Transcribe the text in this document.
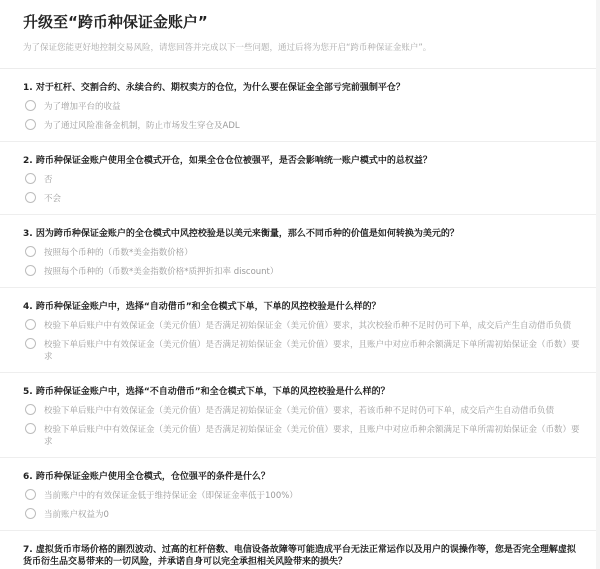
升级至“跨币种保证金账户”
为了保证您能更好地控制交易风险，请您回答并完成以下一些问题，通过后将为您开启“跨币种保证金账户”。
1. 对于杠杆、交割合约、永续合约、期权卖方的仓位，为什么要在保证金全部亏完前强制平仓？
为了增加平台的收益
为了通过风险准备金机制，防止市场发生穿仓及ADL
2. 跨币种保证金账户使用全仓模式开仓，如果全仓仓位被强平，是否会影响统一账户模式中的总权益？
否
不会
3. 因为跨币种保证金账户的全仓模式中风控校验是以美元来衡量，那么不同币种的价值是如何转换为美元的？
按照每个币种的（币数*美金指数价格）
按照每个币种的（币数*美金指数价格*质押折扣率 discount）
4. 跨币种保证金账户中，选择“自动借币”和全仓模式下单，下单的风控校验是什么样的？
校验下单后账户中有效保证金（美元价值）是否满足初始保证金（美元价值）要求，其次校验币种不足时仍可下单，成交后产生自动借币负债
校验下单后账户中有效保证金（美元价值）是否满足初始保证金（美元价值）要求，且账户中对应币种余额满足下单所需初始保证金（币数）要求
5. 跨币种保证金账户中，选择“不自动借币”和全仓模式下单，下单的风控校验是什么样的？
校验下单后账户中有效保证金（美元价值）是否满足初始保证金（美元价值）要求，若该币种不足时仍可下单，成交后产生自动借币负债
校验下单后账户中有效保证金（美元价值）是否满足初始保证金（美元价值）要求，且账户中对应币种余额满足下单所需初始保证金（币数）要求
6. 跨币种保证金账户使用全仓模式，仓位强平的条件是什么？
当前账户中的有效保证金低于维持保证金（即保证金率低于100%）
当前账户权益为0
7. 虚拟货币市场价格的剧烈波动、过高的杠杆倍数、电信设备故障等可能造成平台无法正常运作以及用户的误操作等，您是否完全理解虚拟货币衍生品交易带来的一切风险，并承诺自身可以完全承担相关风险带来的损失？
